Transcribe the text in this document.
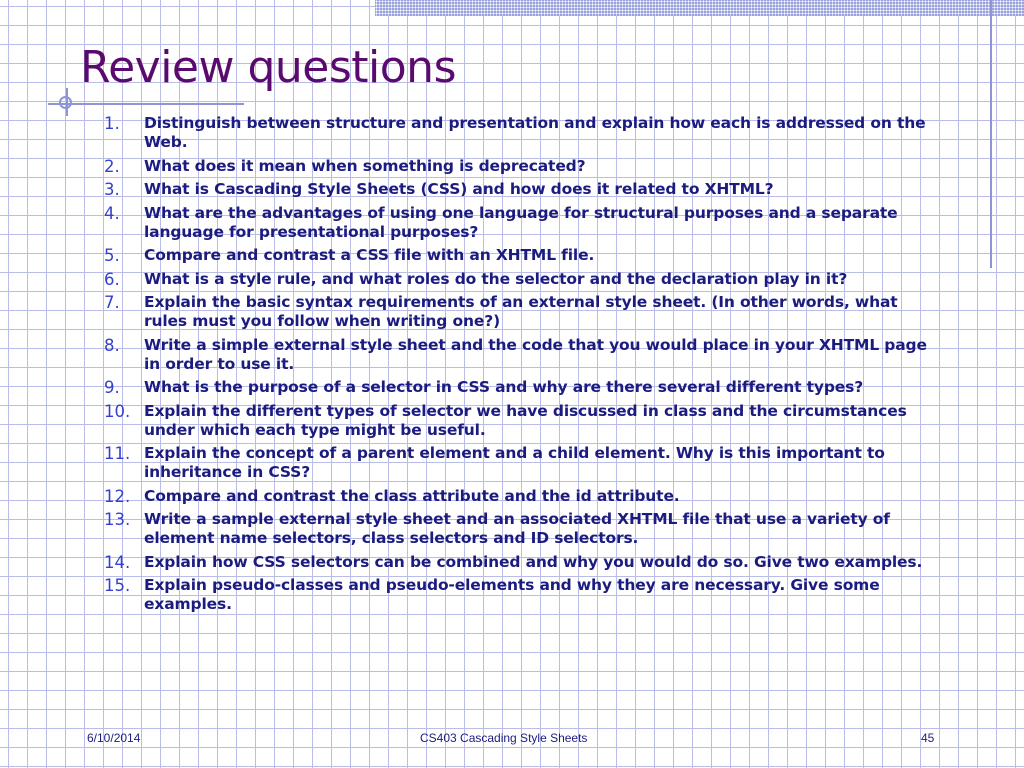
Review questions
1.	Distinguish between structure and presentation and explain how each is addressed on the Web.
2.	What does it mean when something is deprecated?
3.	What is Cascading Style Sheets (CSS) and how does it related to XHTML?
4.	What are the advantages of using one language for structural purposes and a separate language for presentational purposes?
5.	Compare and contrast a CSS file with an XHTML file.
6.	What is a style rule, and what roles do the selector and the declaration play in it?
7.	Explain the basic syntax requirements of an external style sheet. (In other words, what rules must you follow when writing one?)
8.	Write a simple external style sheet and the code that you would place in your XHTML page in order to use it.
9.	What is the purpose of a selector in CSS and why are there several different types?
10. Explain the different types of selector we have discussed in class and the circumstances under which each type might be useful.
11. Explain the concept of a parent element and a child element. Why is this important to inheritance in CSS?
12. Compare and contrast the class attribute and the id attribute.
13. Write a sample external style sheet and an associated XHTML file that use a variety of element name selectors, class selectors and ID selectors.
14. Explain how CSS selectors can be combined and why you would do so. Give two examples.
15. Explain pseudo-classes and pseudo-elements and why they are necessary. Give some examples.
6/10/2014	CS403 Cascading Style Sheets	45
